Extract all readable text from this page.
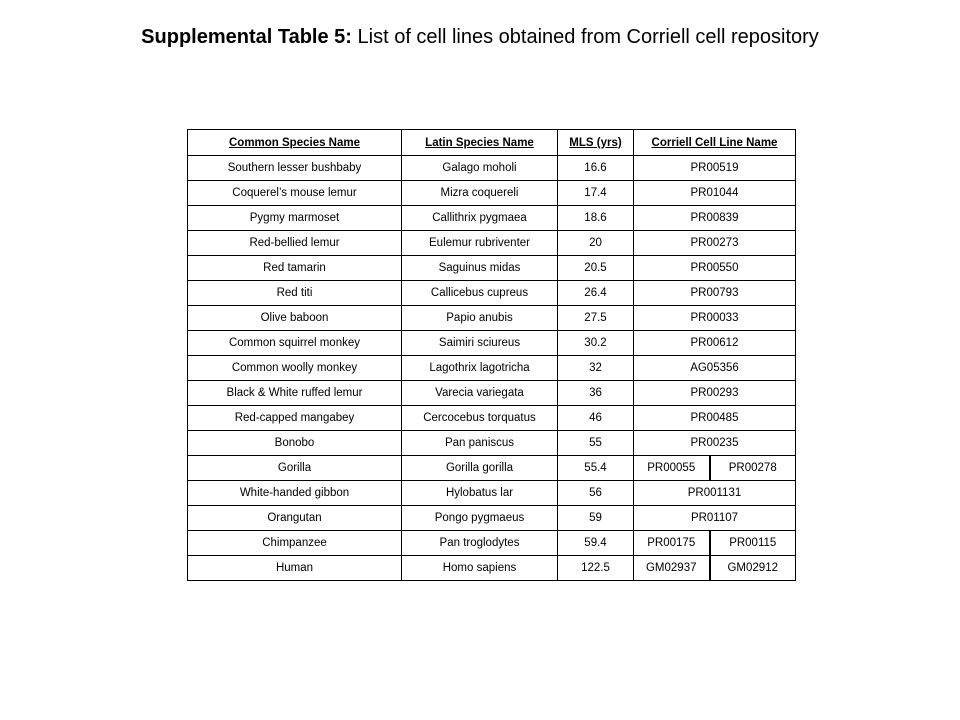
Supplemental Table 5: List of cell lines obtained from Corriell cell repository
Common Species Name	Latin Species Name	MLS (yrs)	Corriell Cell Line Name	
Southern lesser bushbaby	Galago moholi	16.6	PR00519	
Coquerel’s mouse lemur	Mizra coquereli	17.4	PR01044	
Pygmy marmoset	Callithrix pygmaea	18.6	PR00839	
Red-bellied lemur	Eulemur rubriventer	20	PR00273	
Red tamarin	Saguinus midas	20.5	PR00550	
Red titi	Callicebus cupreus	26.4	PR00793	
Olive baboon	Papio anubis	27.5	PR00033	
Common squirrel monkey	Saimiri sciureus	30.2	PR00612	
Common woolly monkey	Lagothrix lagotricha	32	AG05356	
Black & White ruffed lemur	Varecia variegata	36	PR00293	
Red-capped mangabey	Cercocebus torquatus	46	PR00485	
Bonobo	Pan paniscus	55	PR00235	
Gorilla	Gorilla gorilla	55.4	PR00055	PR00278
White-handed gibbon	Hylobatus lar	56	PR001131	
Orangutan	Pongo pygmaeus	59	PR01107	
Chimpanzee	Pan troglodytes	59.4	PR00175	PR00115
Human	Homo sapiens	122.5	GM02937	GM02912
